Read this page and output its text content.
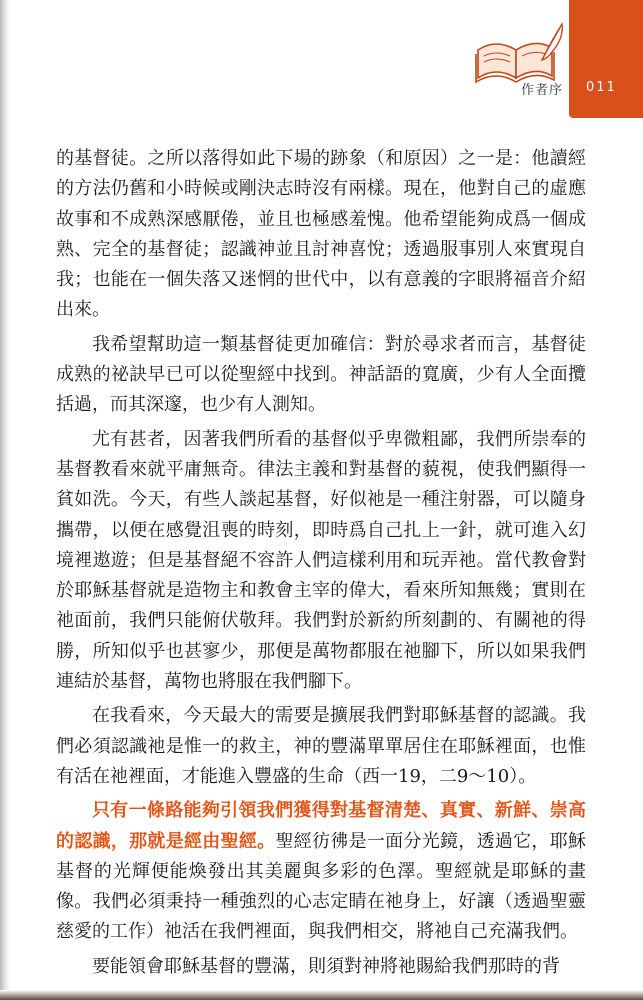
作者序 011

的基督徒。之所以落得如此下場的跡象（和原因）之一是：他讀經的方法仍舊和小時候或剛決志時沒有兩樣。現在，他對自己的虛應故事和不成熟深感厭倦，並且也極感羞愧。他希望能夠成爲一個成熟、完全的基督徒；認識神並且討神喜悅；透過服事別人來實現自我；也能在一個失落又迷惘的世代中，以有意義的字眼將福音介紹出來。

我希望幫助這一類基督徒更加確信：對於尋求者而言，基督徒成熟的祕訣早已可以從聖經中找到。神話語的寬廣，少有人全面攬括過，而其深邃，也少有人測知。

尤有甚者，因著我們所看的基督似乎卑微粗鄙，我們所崇奉的基督教看來就平庸無奇。律法主義和對基督的藐視，使我們顯得一貧如洗。今天，有些人談起基督，好似祂是一種注射器，可以隨身攜帶，以便在感覺沮喪的時刻，即時爲自己扎上一針，就可進入幻境裡遨遊；但是基督絕不容許人們這樣利用和玩弄祂。當代教會對於耶穌基督就是造物主和教會主宰的偉大，看來所知無幾；實則在祂面前，我們只能俯伏敬拜。我們對於新約所刻劃的、有關祂的得勝，所知似乎也甚寥少，那便是萬物都服在祂腳下，所以如果我們連結於基督，萬物也將服在我們腳下。

在我看來，今天最大的需要是擴展我們對耶穌基督的認識。我們必須認識祂是惟一的救主，神的豐滿單單居住在耶穌裡面，也惟有活在祂裡面，才能進入豐盛的生命（西一19，二9～10）。

只有一條路能夠引領我們獲得對基督清楚、真實、新鮮、崇高的認識，那就是經由聖經。聖經彷彿是一面分光鏡，透過它，耶穌基督的光輝便能煥發出其美麗與多彩的色澤。聖經就是耶穌的畫像。我們必須秉持一種強烈的心志定睛在祂身上，好讓（透過聖靈慈愛的工作）祂活在我們裡面，與我們相交，將祂自己充滿我們。

要能領會耶穌基督的豐滿，則須對神將祂賜給我們那時的背
